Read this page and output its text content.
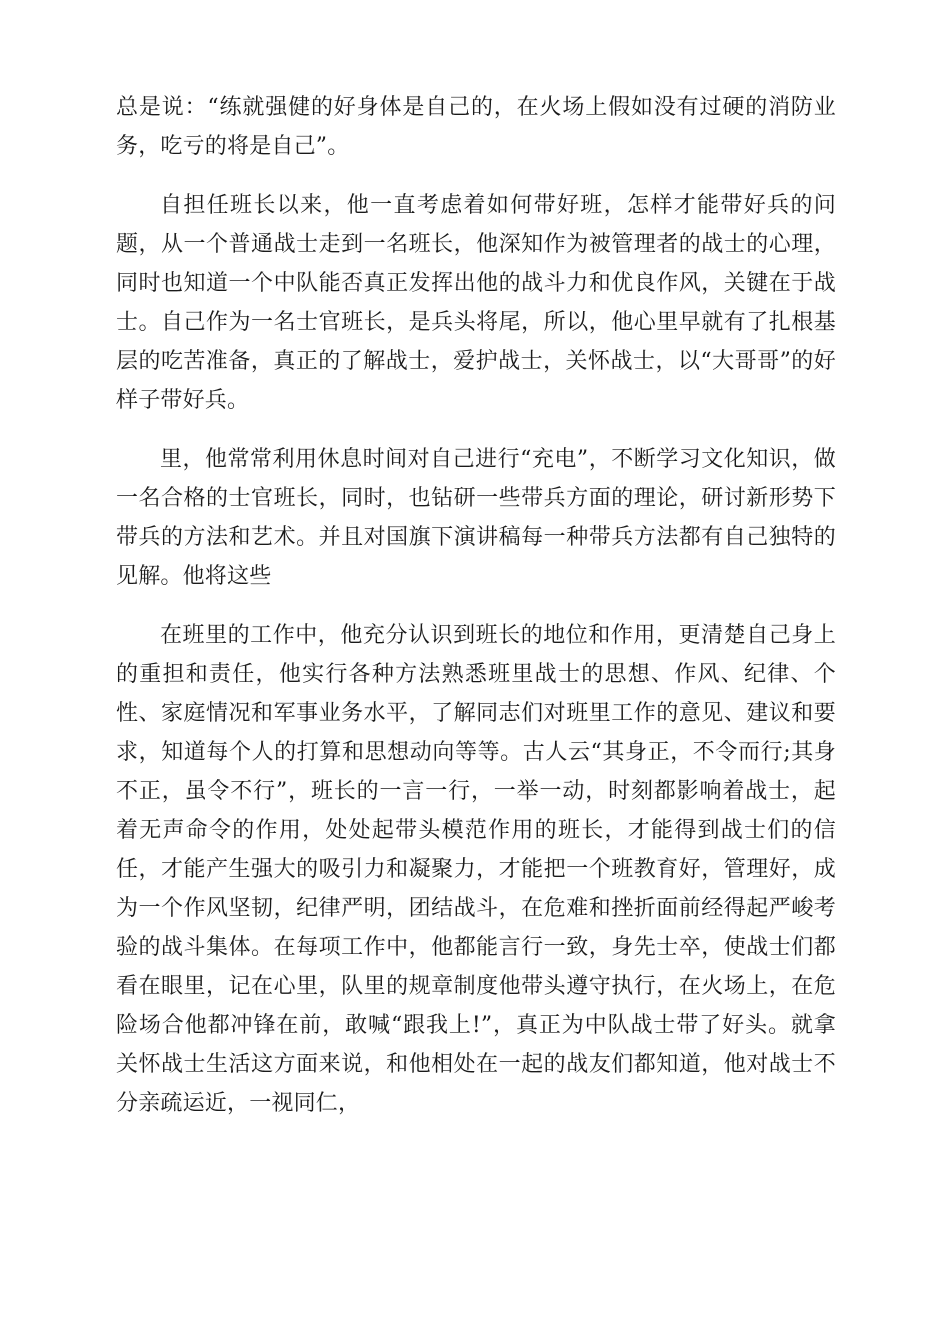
总是说：“练就强健的好身体是自己的，在火场上假如没有过硬的消防业务，吃亏的将是自己”。

自担任班长以来，他一直考虑着如何带好班，怎样才能带好兵的问题，从一个普通战士走到一名班长，他深知作为被管理者的战士的心理，同时也知道一个中队能否真正发挥出他的战斗力和优良作风，关键在于战士。自己作为一名士官班长，是兵头将尾，所以，他心里早就有了扎根基层的吃苦准备，真正的了解战士，爱护战士，关怀战士，以“大哥哥”的好样子带好兵。

里，他常常利用休息时间对自己进行“充电”，不断学习文化知识，做一名合格的士官班长，同时，也钻研一些带兵方面的理论，研讨新形势下带兵的方法和艺术。并且对国旗下演讲稿每一种带兵方法都有自己独特的见解。他将这些

在班里的工作中，他充分认识到班长的地位和作用，更清楚自己身上的重担和责任，他实行各种方法熟悉班里战士的思想、作风、纪律、个性、家庭情况和军事业务水平，了解同志们对班里工作的意见、建议和要求，知道每个人的打算和思想动向等等。古人云“其身正，不令而行;其身不正，虽令不行”，班长的一言一行，一举一动，时刻都影响着战士，起着无声命令的作用，处处起带头模范作用的班长，才能得到战士们的信任，才能产生强大的吸引力和凝聚力，才能把一个班教育好，管理好，成为一个作风坚韧，纪律严明，团结战斗，在危难和挫折面前经得起严峻考验的战斗集体。在每项工作中，他都能言行一致，身先士卒，使战士们都看在眼里，记在心里，队里的规章制度他带头遵守执行，在火场上，在危险场合他都冲锋在前，敢喊“跟我上!”，真正为中队战士带了好头。就拿关怀战士生活这方面来说，和他相处在一起的战友们都知道，他对战士不分亲疏运近，一视同仁，
